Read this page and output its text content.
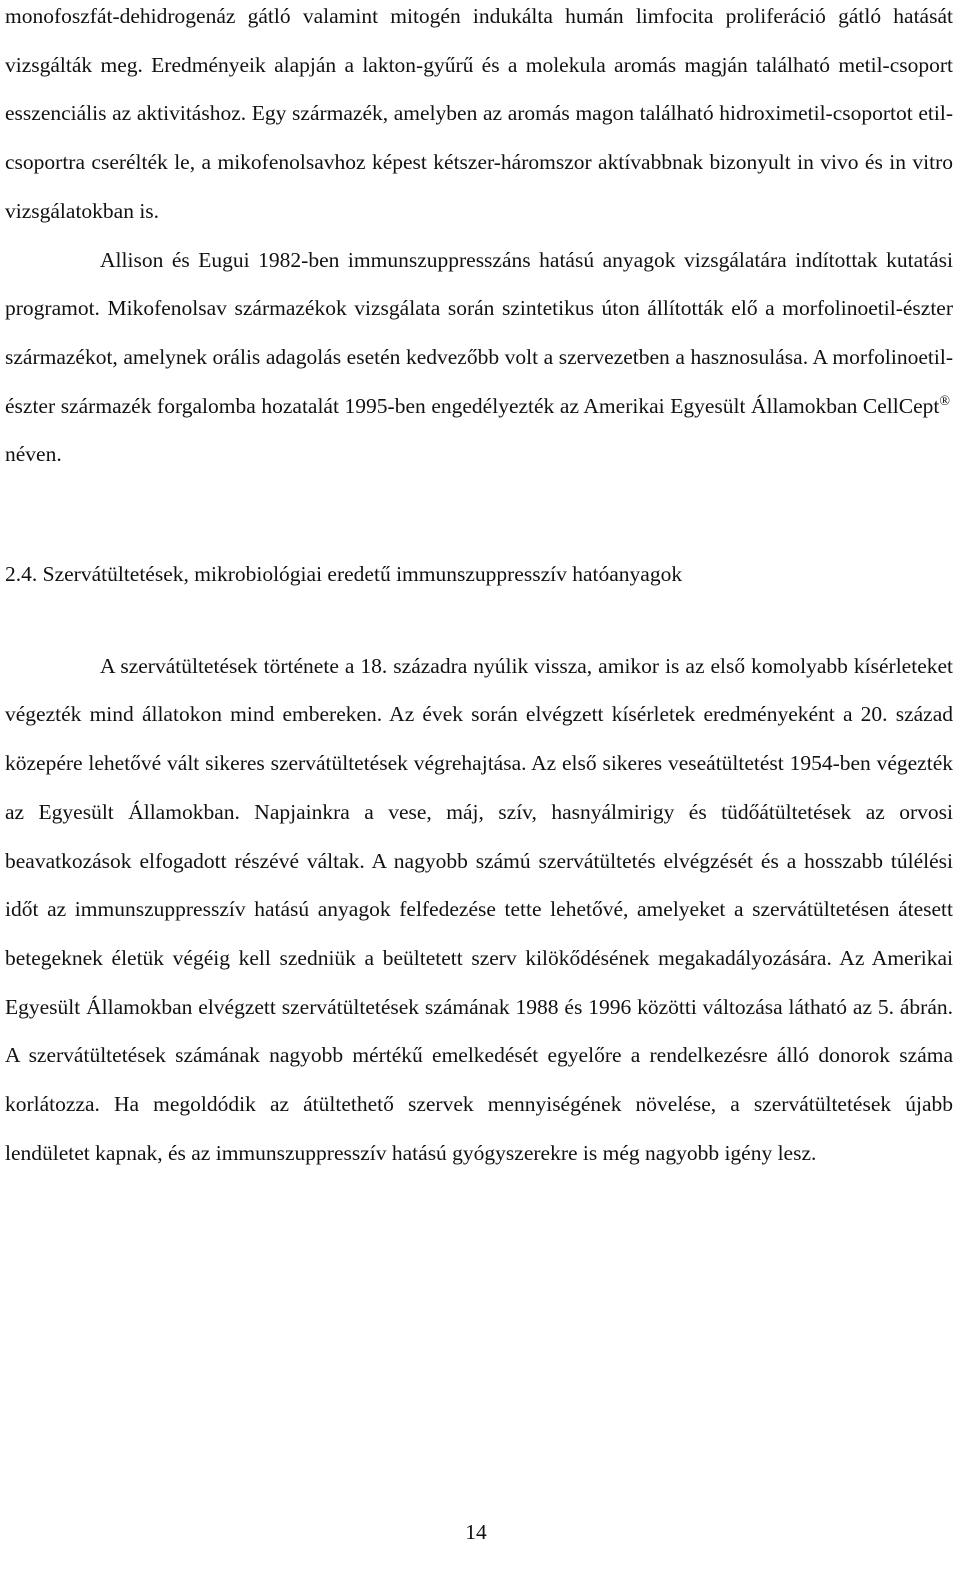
monofoszfát-dehidrogenáz gátló valamint mitogén indukálta humán limfocita proliferáció gátló hatását vizsgálták meg. Eredményeik alapján a lakton-gyűrű és a molekula aromás magján található metil-csoport esszenciális az aktivitáshoz. Egy származék, amelyben az aromás magon található hidroximetil-csoportot etil-csoportra cserélték le, a mikofenolsavhoz képest kétszer-háromszor aktívabbnak bizonyult in vivo és in vitro vizsgálatokban is.

Allison és Eugui 1982-ben immunszuppresszáns hatású anyagok vizsgálatára indítottak kutatási programot. Mikofenolsav származékok vizsgálata során szintetikus úton állították elő a morfolinoetil-észter származékot, amelynek orális adagolás esetén kedvezőbb volt a szervezetben a hasznosulása. A morfolinoetil-észter származék forgalomba hozatalát 1995-ben engedélyezték az Amerikai Egyesült Államokban CellCept® néven.

2.4. Szervátültetések, mikrobiológiai eredetű immunszuppresszív hatóanyagok

A szervátültetések története a 18. századra nyúlik vissza, amikor is az első komolyabb kísérleteket végezték mind állatokon mind embereken. Az évek során elvégzett kísérletek eredményeként a 20. század közepére lehetővé vált sikeres szervátültetések végrehajtása. Az első sikeres veseátültetést 1954-ben végezték az Egyesült Államokban. Napjainkra a vese, máj, szív, hasnyálmirigy és tüdőátültetések az orvosi beavatkozások elfogadott részévé váltak. A nagyobb számú szervátültetés elvégzését és a hosszabb túlélési időt az immunszuppresszív hatású anyagok felfedezése tette lehetővé, amelyeket a szervátültetésen átesett betegeknek életük végéig kell szedniük a beültetett szerv kilökődésének megakadályozására. Az Amerikai Egyesült Államokban elvégzett szervátültetések számának 1988 és 1996 közötti változása látható az 5. ábrán. A szervátültetések számának nagyobb mértékű emelkedését egyelőre a rendelkezésre álló donorok száma korlátozza. Ha megoldódik az átültethető szervek mennyiségének növelése, a szervátültetések újabb lendületet kapnak, és az immunszuppresszív hatású gyógyszerekre is még nagyobb igény lesz.

14
